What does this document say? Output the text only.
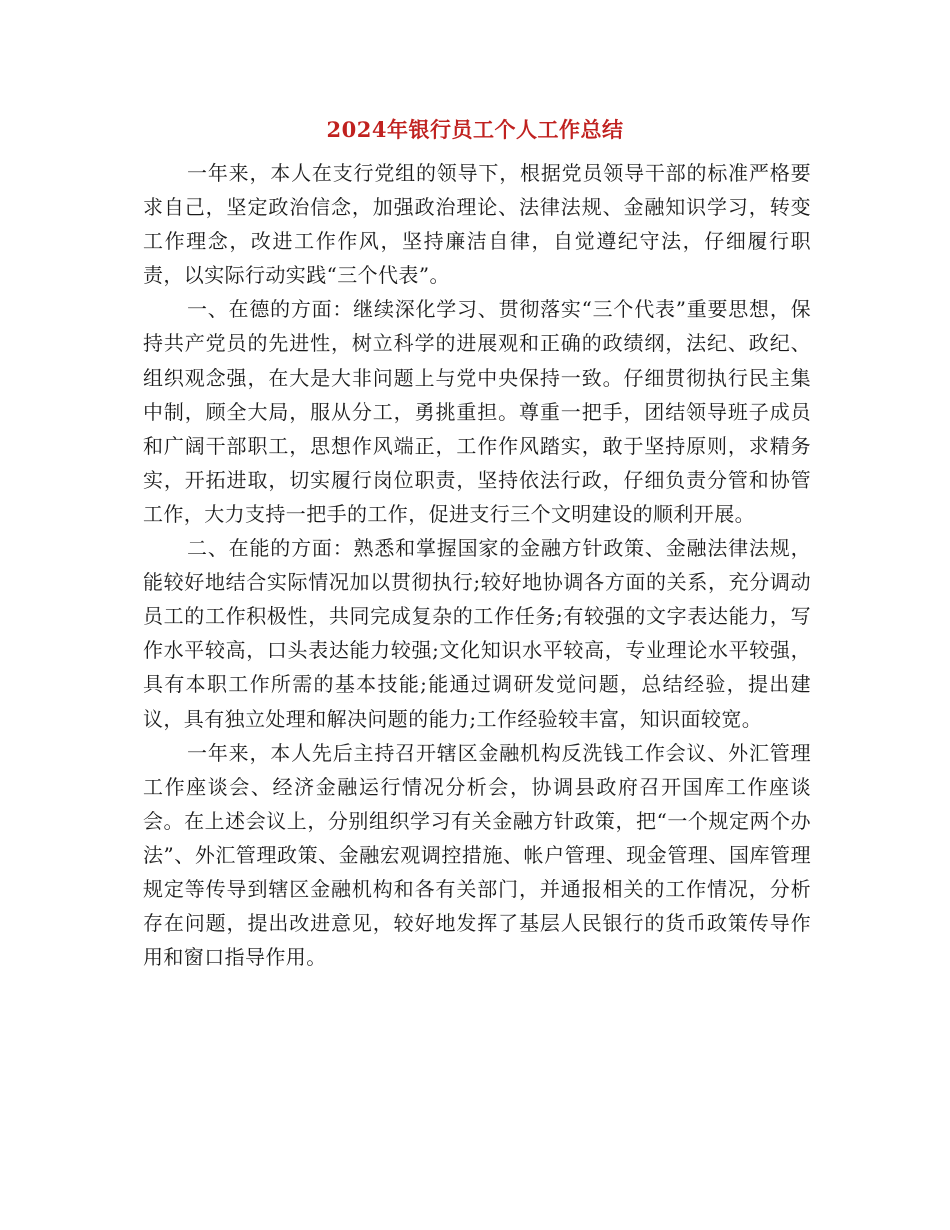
2024年银行员工个人工作总结

一年来，本人在支行党组的领导下，根据党员领导干部的标准严格要求自己，坚定政治信念，加强政治理论、法律法规、金融知识学习，转变工作理念，改进工作作风，坚持廉洁自律，自觉遵纪守法，仔细履行职责，以实际行动实践“三个代表”。

一、在德的方面：继续深化学习、贯彻落实“三个代表”重要思想，保持共产党员的先进性，树立科学的进展观和正确的政绩纲，法纪、政纪、组织观念强，在大是大非问题上与党中央保持一致。仔细贯彻执行民主集中制，顾全大局，服从分工，勇挑重担。尊重一把手，团结领导班子成员和广阔干部职工，思想作风端正，工作作风踏实，敢于坚持原则，求精务实，开拓进取，切实履行岗位职责，坚持依法行政，仔细负责分管和协管工作，大力支持一把手的工作，促进支行三个文明建设的顺利开展。

二、在能的方面：熟悉和掌握国家的金融方针政策、金融法律法规，能较好地结合实际情况加以贯彻执行;较好地协调各方面的关系，充分调动员工的工作积极性，共同完成复杂的工作任务;有较强的文字表达能力，写作水平较高，口头表达能力较强;文化知识水平较高，专业理论水平较强，具有本职工作所需的基本技能;能通过调研发觉问题，总结经验，提出建议，具有独立处理和解决问题的能力;工作经验较丰富，知识面较宽。

一年来，本人先后主持召开辖区金融机构反洗钱工作会议、外汇管理工作座谈会、经济金融运行情况分析会，协调县政府召开国库工作座谈会。在上述会议上，分别组织学习有关金融方针政策，把“一个规定两个办法”、外汇管理政策、金融宏观调控措施、帐户管理、现金管理、国库管理规定等传导到辖区金融机构和各有关部门，并通报相关的工作情况，分析存在问题，提出改进意见，较好地发挥了基层人民银行的货币政策传导作用和窗口指导作用。
